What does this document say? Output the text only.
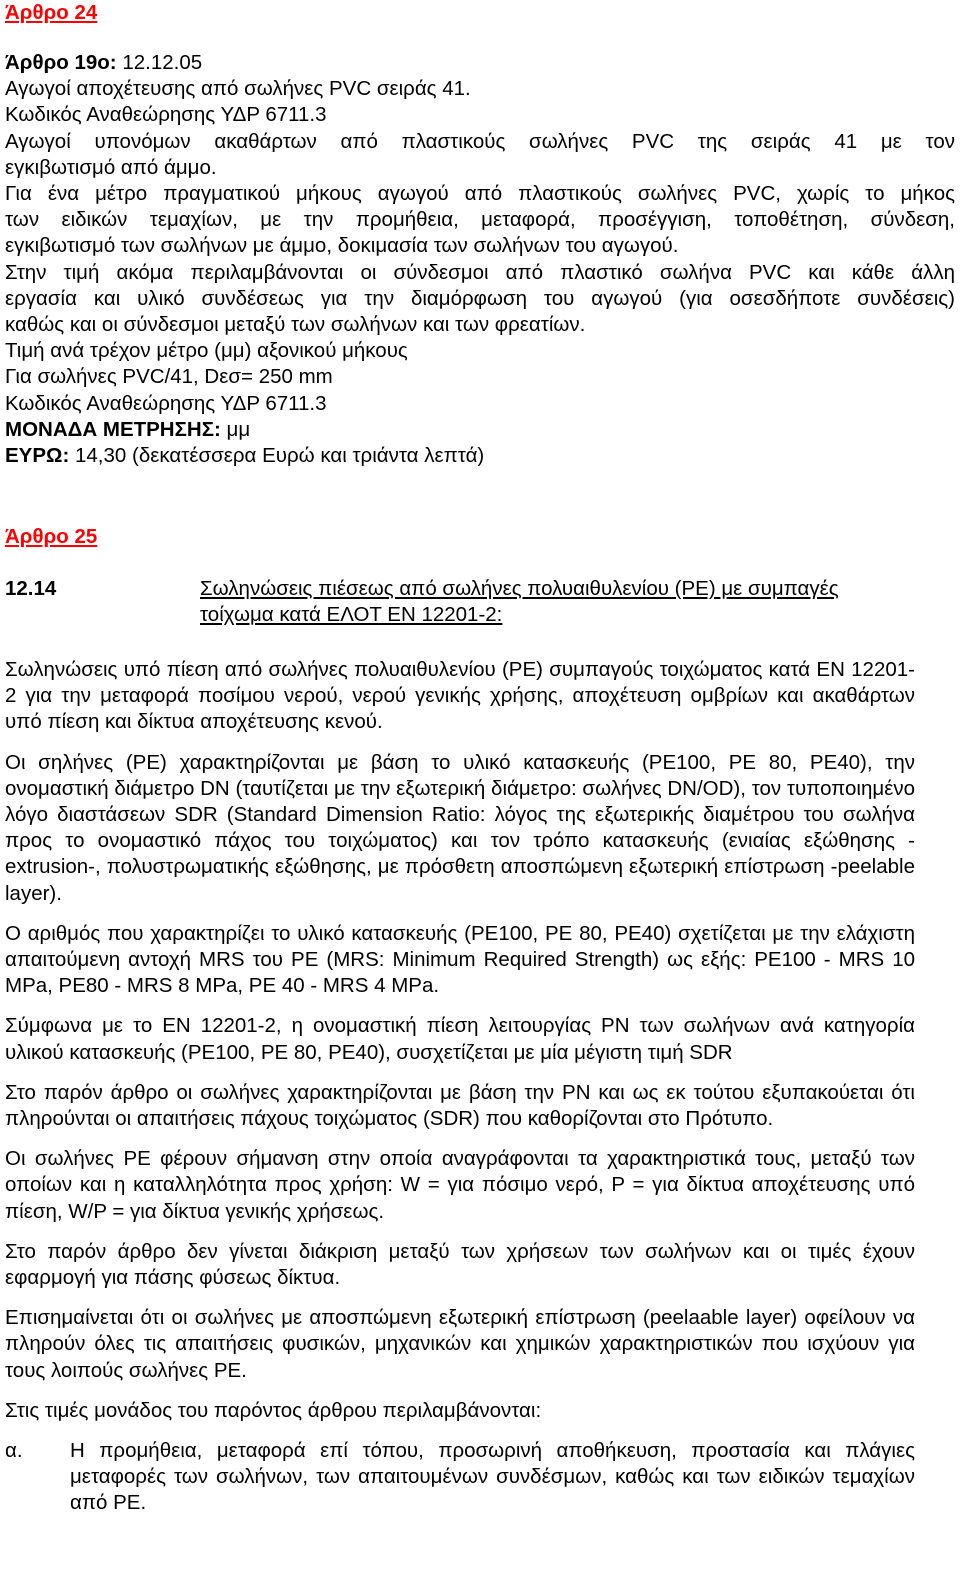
Άρθρο 24
Άρθρο 19ο: 12.12.05
Αγωγοί αποχέτευσης από σωλήνες PVC σειράς 41.
Κωδικός Αναθεώρησης ΥΔΡ 6711.3
Αγωγοί υπονόμων ακαθάρτων από πλαστικούς σωλήνες PVC της σειράς 41 με τον
εγκιβωτισμό από άμμο.
Για ένα μέτρο πραγματικού μήκους αγωγού από πλαστικούς σωλήνες PVC, χωρίς το μήκος
των ειδικών τεμαχίων, με την προμήθεια, μεταφορά, προσέγγιση, τοποθέτηση, σύνδεση,
εγκιβωτισμό των σωλήνων με άμμο, δοκιμασία των σωλήνων του αγωγού.
Στην τιμή ακόμα περιλαμβάνονται οι σύνδεσμοι από πλαστικό σωλήνα PVC και κάθε άλλη
εργασία και υλικό συνδέσεως για την διαμόρφωση του αγωγού (για οσεσδήποτε συνδέσεις)
καθώς και οι σύνδεσμοι μεταξύ των σωλήνων και των φρεατίων.
Τιμή ανά τρέχον μέτρο (μμ) αξονικού μήκους
Για σωλήνες PVC/41, Dεσ= 250 mm
Κωδικός Αναθεώρησης ΥΔΡ 6711.3
ΜΟΝΑΔΑ ΜΕΤΡΗΣΗΣ: μμ
ΕΥΡΩ: 14,30 (δεκατέσσερα Ευρώ και τριάντα λεπτά)
Άρθρο 25
12.14	Σωληνώσεις πιέσεως από σωλήνες πολυαιθυλενίου (PE) με συμπαγές τοίχωμα κατά ΕΛΟΤ ΕΝ 12201-2:

Σωληνώσεις υπό πίεση από σωλήνες πολυαιθυλενίου (PE) συμπαγούς τοιχώματος κατά ΕΝ 12201-2 για την μεταφορά ποσίμου νερού, νερού γενικής χρήσης, αποχέτευση ομβρίων και ακαθάρτων υπό πίεση και δίκτυα αποχέτευσης κενού.

Οι σηλήνες (PE) χαρακτηρίζονται με βάση το υλικό κατασκευής (PE100, PE 80, PE40), την ονομαστική διάμετρο DN (ταυτίζεται με την εξωτερική διάμετρο: σωλήνες DN/OD), τον τυποποιημένο λόγο διαστάσεων SDR (Standard Dimension Ratio: λόγος της εξωτερικής διαμέτρου του σωλήνα προς το ονομαστικό πάχος του τοιχώματος) και τον τρόπο κατασκευής (ενιαίας εξώθησης -extrusion-, πολυστρωματικής εξώθησης, με πρόσθετη αποσπώμενη εξωτερική επίστρωση -peelable layer).

Ο αριθμός που χαρακτηρίζει το υλικό κατασκευής (PE100, PE 80, PE40) σχετίζεται με την ελάχιστη απαιτούμενη αντοχή MRS του PE (MRS: Minimum Required Strength) ως εξής: PE100 - MRS 10 MPa, PE80 - MRS 8 MPa, PE 40 - MRS 4 MPa.

Σύμφωνα με το ΕΝ 12201-2, η ονομαστική πίεση λειτουργίας PN των σωλήνων ανά κατηγορία υλικού κατασκευής (PE100, PE 80, PE40), συσχετίζεται με μία μέγιστη τιμή SDR

Στο παρόν άρθρο οι σωλήνες χαρακτηρίζονται με βάση την PN και ως εκ τούτου εξυπακούεται ότι πληρούνται οι απαιτήσεις πάχους τοιχώματος (SDR) που καθορίζονται στο Πρότυπο.

Οι σωλήνες PE φέρουν σήμανση στην οποία αναγράφονται τα χαρακτηριστικά τους, μεταξύ των οποίων και η καταλληλότητα προς χρήση: W = για πόσιμο νερό, P = για δίκτυα αποχέτευσης υπό πίεση, W/P = για δίκτυα γενικής χρήσεως.

Στο παρόν άρθρο δεν γίνεται διάκριση μεταξύ των χρήσεων των σωλήνων και οι τιμές έχουν εφαρμογή για πάσης φύσεως δίκτυα.

Επισημαίνεται ότι οι σωλήνες με αποσπώμενη εξωτερική επίστρωση (peelaable layer) οφείλουν να πληρούν όλες τις απαιτήσεις φυσικών, μηχανικών και χημικών χαρακτηριστικών που ισχύουν για τους λοιπούς σωλήνες PE.

Στις τιμές μονάδος του παρόντος άρθρου περιλαμβάνονται:

α. Η προμήθεια, μεταφορά επί τόπου, προσωρινή αποθήκευση, προστασία και πλάγιες μεταφορές των σωλήνων, των απαιτουμένων συνδέσμων, καθώς και των ειδικών τεμαχίων από PE.
